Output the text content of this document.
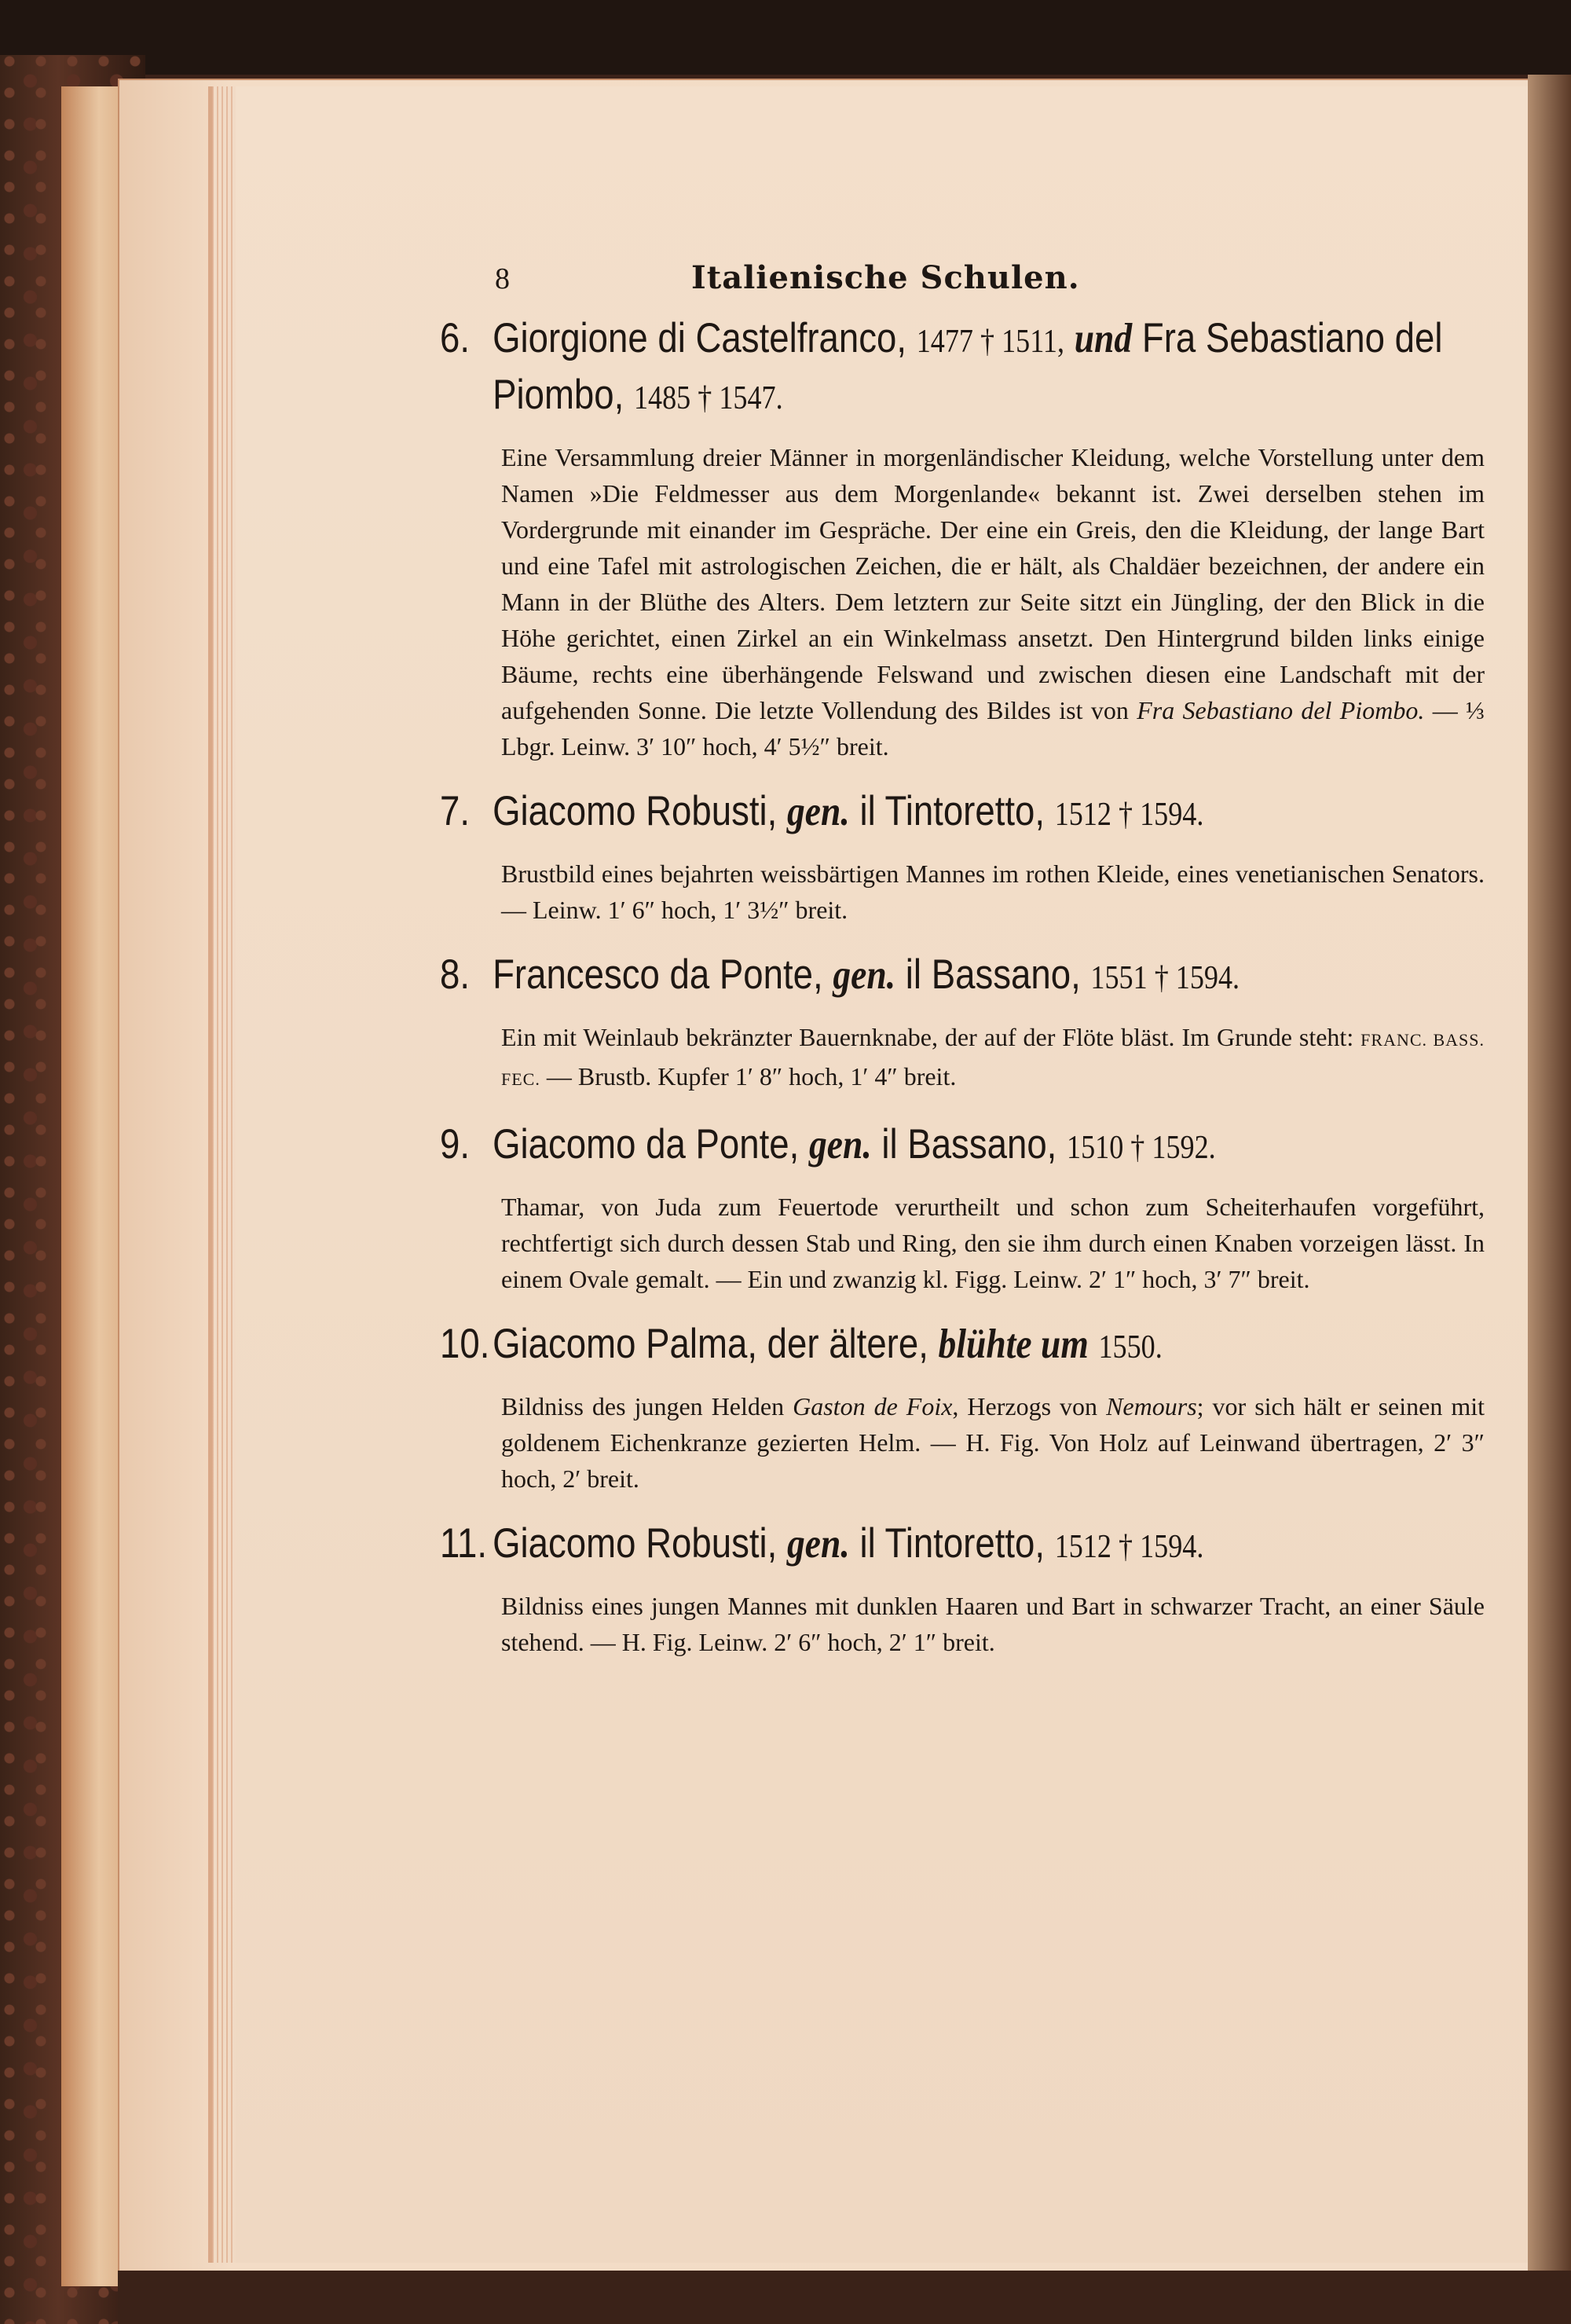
8	Italienische Schulen.
6. Giorgione di Castelfranco, 1477 † 1511, und Fra Sebastiano del Piombo, 1485 † 1547.
Eine Versammlung dreier Männer in morgenländischer Kleidung, welche Vorstellung unter dem Namen »Die Feldmesser aus dem Morgenlande« bekannt ist. Zwei derselben stehen im Vordergrunde mit einander im Gespräche. Der eine ein Greis, den die Kleidung, der lange Bart und eine Tafel mit astrologischen Zeichen, die er hält, als Chaldäer bezeichnen, der andere ein Mann in der Blüthe des Alters. Dem letztern zur Seite sitzt ein Jüngling, der den Blick in die Höhe gerichtet, einen Zirkel an ein Winkelmass ansetzt. Den Hintergrund bilden links einige Bäume, rechts eine überhängende Felswand und zwischen diesen eine Landschaft mit der aufgehenden Sonne. Die letzte Vollendung des Bildes ist von Fra Sebastiano del Piombo. — ⅓ Lbgr. Leinw. 3′ 10″ hoch, 4′ 5½″ breit.
7. Giacomo Robusti, gen. il Tintoretto, 1512 † 1594.
Brustbild eines bejahrten weissbärtigen Mannes im rothen Kleide, eines venetianischen Senators. — Leinw. 1′ 6″ hoch, 1′ 3½″ breit.
8. Francesco da Ponte, gen. il Bassano, 1551 † 1594.
Ein mit Weinlaub bekränzter Bauernknabe, der auf der Flöte bläst. Im Grunde steht: FRANC. BASS. FEC. — Brustb. Kupfer 1′ 8″ hoch, 1′ 4″ breit.
9. Giacomo da Ponte, gen. il Bassano, 1510 † 1592.
Thamar, von Juda zum Feuertode verurtheilt und schon zum Scheiterhaufen vorgeführt, rechtfertigt sich durch dessen Stab und Ring, den sie ihm durch einen Knaben vorzeigen lässt. In einem Ovale gemalt. — Ein und zwanzig kl. Figg. Leinw. 2′ 1″ hoch, 3′ 7″ breit.
10. Giacomo Palma, der ältere, blühte um 1550.
Bildniss des jungen Helden Gaston de Foix, Herzogs von Nemours; vor sich hält er seinen mit goldenem Eichenkranze gezierten Helm. — H. Fig. Von Holz auf Leinwand übertragen, 2′ 3″ hoch, 2′ breit.
11. Giacomo Robusti, gen. il Tintoretto, 1512 † 1594.
Bildniss eines jungen Mannes mit dunklen Haaren und Bart in schwarzer Tracht, an einer Säule stehend. — H. Fig. Leinw. 2′ 6″ hoch, 2′ 1″ breit.
